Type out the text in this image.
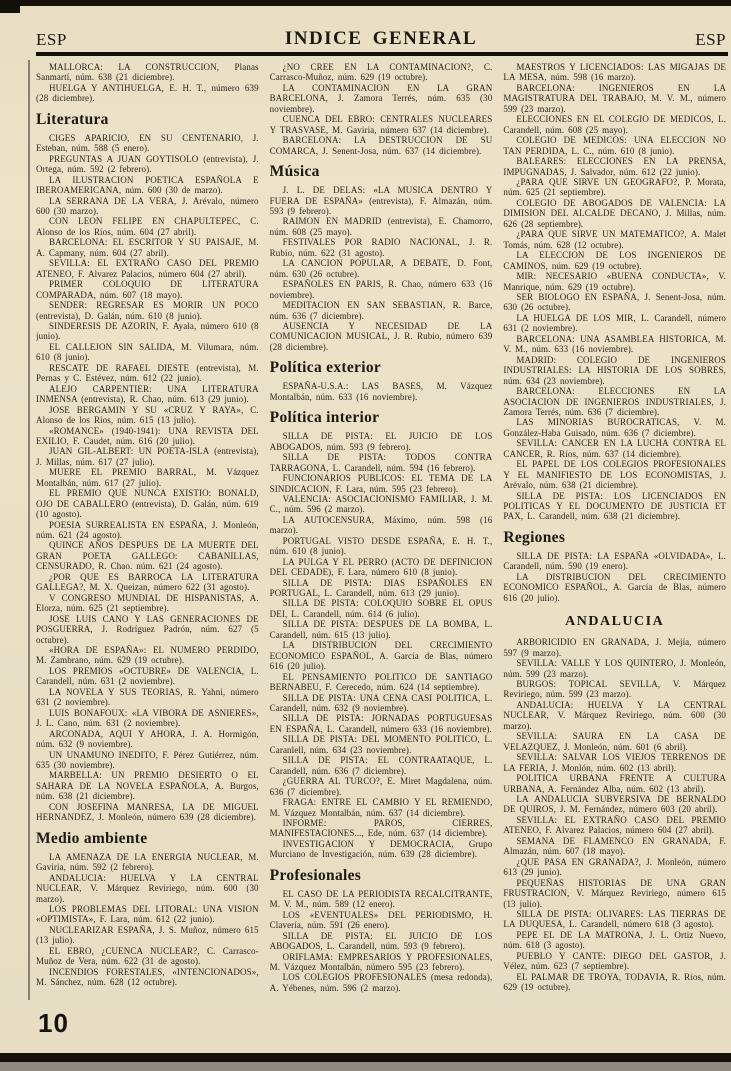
ESP	INDICE GENERAL	ESP

MALLORCA: LA CONSTRUCCION, Planas Sanmartí, núm. 638 (21 diciembre).

HUELGA Y ANTIHUELGA, E. H. T., número 639 (28 diciembre).

Literatura

CIGES APARICIO, EN SU CENTENARIO, J. Esteban, núm. 588 (5 enero).

PREGUNTAS A JUAN GOYTISOLO (entrevista), J. Ortega, núm. 592 (2 febrero).

LA ILUSTRACION POETICA ESPAÑOLA E IBEROAMERICANA, núm. 600 (30 de marzo).

LA SERRANA DE LA VERA, J. Arévalo, número 600 (30 marzo).

CON LEON FELIPE EN CHAPULTEPEC, C. Alonso de los Ríos, núm. 604 (27 abril).

BARCELONA: EL ESCRITOR Y SU PAISAJE, M. A. Capmany, núm. 604 (27 abril).

SEVILLA: EL EXTRAÑO CASO DEL PREMIO ATENEO, F. Alvarez Palacios, número 604 (27 abril).

PRIMER COLOQUIO DE LITERATURA COMPARADA, núm. 607 (18 mayo).

SENDER: REGRESAR ES MORIR UN POCO (entrevista), D. Galán, núm. 610 (8 junio).

SINDERESIS DE AZORIN, F. Ayala, número 610 (8 junio).

EL CALLEJON SIN SALIDA, M. Vilumara, núm. 610 (8 junio).

RESCATE DE RAFAEL DIESTE (entrevista), M. Pernas y C. Estévez, núm. 612 (22 junio).

ALEJO CARPENTIER: UNA LITERATURA INMENSA (entrevista), R. Chao, núm. 613 (29 junio).

JOSE BERGAMIN Y SU «CRUZ Y RAYA», C. Alonso de los Ríos, núm. 615 (13 julio).

«ROMANCE» (1940-1941): UNA REVISTA DEL EXILIO, F. Caudet, núm. 616 (20 julio).

JUAN GIL-ALBERT: UN POETA-ISLA (entrevista), J. Millas, núm. 617 (27 julio).

MUERE EL PREMIO BARRAL, M. Vázquez Montalbán, núm. 617 (27 julio).

EL PREMIO QUE NUNCA EXISTIO: BONALD, OJO DE CABALLERO (entrevista), D. Galán, núm. 619 (10 agosto).

POESIA SURREALISTA EN ESPAÑA, J. Monleón, núm. 621 (24 agosto).

QUINCE AÑOS DESPUES DE LA MUERTE DEL GRAN POETA GALLEGO: CABANILLAS, CENSURADO, R. Chao. núm. 621 (24 agosto).

¿POR QUE ES BARROCA LA LITERATURA GALLEGA?, M. X. Queizan, número 622 (31 agosto).

V CONGRESO MUNDIAL DE HISPANISTAS, A. Elorza, núm. 625 (21 septiembre).

JOSE LUIS CANO Y LAS GENERACIONES DE POSGUERRA, J. Rodríguez Padrón, núm. 627 (5 octubre).

«HORA DE ESPAÑA»: EL NUMERO PERDIDO, M. Zambrano, núm. 629 (19 octubre).

LOS PREMIOS «OCTUBRE» DE VALENCIA, L. Carandell, núm. 631 (2 noviembre).

LA NOVELA Y SUS TEORIAS, R. Yahni, número 631 (2 noviembre).

LUIS BONAFOUX: «LA VIBORA DE ASNIERES», J. L. Cano, núm. 631 (2 noviembre).

ARCONADA, AQUI Y AHORA, J. A. Hormigón, núm. 632 (9 noviembre).

UN UNAMUNO INEDITO, F. Pérez Gutiérrez, núm. 635 (30 noviembre).

MARBELLA: UN PREMIO DESIERTO O EL SAHARA DE LA NOVELA ESPAÑOLA, A. Burgos, núm. 638 (21 diciembre).

CON JOSEFINA MANRESA, LA DE MIGUEL HERNANDEZ, J. Monleón, número 639 (28 diciembre).

Medio ambiente

LA AMENAZA DE LA ENERGIA NUCLEAR, M. Gaviria, núm. 592 (2 febrero).

ANDALUCIA: HUELVA Y LA CENTRAL NUCLEAR, V. Márquez Reviriego, núm. 600 (30 marzo).

LOS PROBLEMAS DEL LITORAL: UNA VISION «OPTIMISTA», F. Lara, núm. 612 (22 junio).

NUCLEARIZAR ESPAÑA, J. S. Muñoz, número 615 (13 julio).

EL EBRO, ¿CUENCA NUCLEAR?, C. Carrasco-Muñoz de Vera, núm. 622 (31 de agosto).

INCENDIOS FORESTALES, «INTENCIONADOS», M. Sánchez, núm. 628 (12 octubre).

¿NO CREE EN LA CONTAMINACION?, C. Carrasco-Muñoz, núm. 629 (19 octubre).

LA CONTAMINACION EN LA GRAN BARCELONA, J. Zamora Terrés, núm. 635 (30 noviembre).

CUENCA DEL EBRO: CENTRALES NUCLEARES Y TRASVASE, M. Gaviria, número 637 (14 diciembre).

BARCELONA: LA DESTRUCCION DE SU COMARCA, J. Senent-Josa, núm. 637 (14 diciembre).

Música

J. L. DE DELAS: «LA MUSICA DENTRO Y FUERA DE ESPAÑA» (entrevista), F. Almazán, núm. 593 (9 febrero).

RAIMON EN MADRID (entrevista), E. Chamorro, núm. 608 (25 mayo).

FESTIVALES POR RADIO NACIONAL, J. R. Rubio, núm. 622 (31 agosto).

LA CANCION POPULAR, A DEBATE, D. Font, núm. 630 (26 octubre).

ESPAÑOLES EN PARIS, R. Chao, número 633 (16 noviembre).

MEDITACION EN SAN SEBASTIAN, R. Barce, núm. 636 (7 diciembre).

AUSENCIA Y NECESIDAD DE LA COMUNICACION MUSICAL, J. R. Rubio, número 639 (28 diciembre).

Política exterior

ESPAÑA-U.S.A.: LAS BASES, M. Vázquez Montalbán, núm. 633 (16 noviembre).

Política interior

SILLA DE PISTA: EL JUICIO DE LOS ABOGADOS, núm. 593 (9 febrero).

SILLA DE PISTA: TODOS CONTRA TARRAGONA, L. Carandell, núm. 594 (16 febrero).

FUNCIONARIOS PUBLICOS: EL TEMA DE LA SINDICACION, F. Lara, núm. 595 (23 febrero).

VALENCIA: ASOCIACIONISMO FAMILIAR, J. M. C., núm. 596 (2 marzo).

LA AUTOCENSURA, Máximo, núm. 598 (16 marzo).

PORTUGAL VISTO DESDE ESPAÑA, E. H. T., núm. 610 (8 junio).

LA PULGA Y EL PERRO (ACTO DE DEFINICION DEL CEDADE), F. Lara, número 610 (8 junio).

SILLA DE PISTA: DIAS ESPAÑOLES EN PORTUGAL, L. Carandell, núm. 613 (29 junio).

SILLA DE PISTA: COLOQUIO SOBRE EL OPUS DEI, L. Carandell, núm. 614 (6 julio).

SILLA DE PISTA: DESPUES DE LA BOMBA, L. Carandell, núm. 615 (13 julio).

LA DISTRIBUCION DEL CRECIMIENTO ECONOMICO ESPAÑOL, A. García de Blas, número 616 (20 julio).

EL PENSAMIENTO POLITICO DE SANTIAGO BERNABEU, F. Cerecedo, núm. 624 (14 septiembre).

SILLA DE PISTA: UNA CENA CASI POLITICA, L. Carandell, núm. 632 (9 noviembre).

SILLA DE PISTA: JORNADAS PORTUGUESAS EN ESPAÑA, L. Carandell, número 633 (16 noviembre).

SILLA DE PISTA: DEL MOMENTO POLITICO, L. Caranlell, núm. 634 (23 noviembre).

SILLA DE PISTA: EL CONTRAATAQUE, L. Carandell, núm. 636 (7 diciembre).

¿GUERRA AL TURCO?, E. Miret Magdalena, núm. 636 (7 diciembre).

FRAGA: ENTRE EL CAMBIO Y EL REMIENDO, M. Vázquez Montalbán, núm. 637 (14 diciembre).

INFORME: PAROS, CIERRES, MANIFESTACIONES..., Ede, núm. 637 (14 diciembre).

INVESTIGACION Y DEMOCRACIA, Grupo Murciano de Investigación, núm. 639 (28 diciembre).

Profesionales

EL CASO DE LA PERIODISTA RECALCITRANTE, M. V. M., núm. 589 (12 enero).

LOS «EVENTUALES» DEL PERIODISMO, H. Clavería, núm. 591 (26 enero).

SILLA DE PISTA: EL JUICIO DE LOS ABOGADOS, L. Carandell, núm. 593 (9 febrero).

ORIFLAMA: EMPRESARIOS Y PROFESIONALES, M. Vázquez Montalbán, número 595 (23 febrero).

LOS COLEGIOS PROFESIONALES (mesa redonda), A. Yébenes, núm. 596 (2 marzo).

MAESTROS Y LICENCIADOS: LAS MIGAJAS DE LA MESA, núm. 598 (16 marzo).

BARCELONA: INGENIEROS EN LA MAGISTRATURA DEL TRABAJO, M. V. M., número 599 (23 marzo).

ELECCIONES EN EL COLEGIO DE MEDICOS, L. Carandell, núm. 608 (25 mayo).

COLEGIO DE MEDICOS: UNA ELECCION NO TAN PERDIDA, L. C., núm. 610 (8 junio).

BALEARES: ELECCIONES EN LA PRENSA, IMPUGNADAS, J. Salvador, núm. 612 (22 junio).

¿PARA QUE SIRVE UN GEOGRAFO?, P. Morata, núm. 625 (21 septiembre).

COLEGIO DE ABOGADOS DE VALENCIA: LA DIMISION DEL ALCALDE DECANO, J. Millas, núm. 626 (28 septiembre).

¿PARA QUE SIRVE UN MATEMATICO?, A. Malet Tomás, núm. 628 (12 octubre).

LA ELECCION DE LOS INGENIEROS DE CAMINOS, núm. 629 (19 octubre).

MIR: NECESARIO «BUENA CONDUCTA», V. Manrique, núm. 629 (19 octubre).

SER BIOLOGO EN ESPAÑA, J. Senent-Josa, núm. 630 (26 octubre).

LA HUELGA DE LOS MIR, L. Carandell, número 631 (2 noviembre).

BARCELONA: UNA ASAMBLEA HISTORICA, M. V. M., núm. 633 (16 noviembre).

MADRID: COLEGIO DE INGENIEROS INDUSTRIALES: LA HISTORIA DE LOS SOBRES, núm. 634 (23 noviembre).

BARCELONA: ELECCIONES EN LA ASOCIACION DE INGENIEROS INDUSTRIALES, J. Zamora Terrés, núm. 636 (7 diciembre).

LAS MINORIAS BUROCRATICAS, V. M. González-Haba Guisado, núm. 636 (7 diciembre).

SEVILLA: CANCER EN LA LUCHA CONTRA EL CANCER, R. Ríos, núm. 637 (14 diciembre).

EL PAPEL DE LOS COLEGIOS PROFESIONALES Y EL MANIFIESTO DE LOS ECONOMISTAS, J. Arévalo, núm. 638 (21 diciembre).

SILLA DE PISTA: LOS LICENCIADOS EN POLITICAS Y EL DOCUMENTO DE JUSTICIA ET PAX, L. Carandell, núm. 638 (21 diciembre).

Regiones

SILLA DE PISTA: LA ESPAÑA «OLVIDADA», L. Carandell, núm. 590 (19 enero).

LA DISTRIBUCION DEL CRECIMIENTO ECONOMICO ESPAÑOL, A. García de Blas, número 616 (20 julio).

ANDALUCIA

ARBORICIDIO EN GRANADA, J. Mejía, número 597 (9 marzo).

SEVILLA: VALLE Y LOS QUINTERO, J. Monleón, núm. 599 (23 marzo).

BURGOS: TOPICAL SEVILLA, V. Márquez Reviriego, núm. 599 (23 marzo).

ANDALUCIA: HUELVA Y LA CENTRAL NUCLEAR, V. Márquez Reviriego, núm. 600 (30 marzo).

SEVILLA: SAURA EN LA CASA DE VELAZQUEZ, J. Monleón, núm. 601 (6 abril).

SEVILLA: SALVAR LOS VIEJOS TERRENOS DE LA FERIA, J. Monlón, núm. 602 (13 abril).

POLITICA URBANA FRENTE A CULTURA URBANA, A. Fernández Alba, núm. 602 (13 abril).

LA ANDALUCIA SUBVERSIVA DE BERNALDO DE QUIROS, J. M. Fernández, número 603 (20 abril).

SEVILLA: EL EXTRAÑO CASO DEL PREMIO ATENEO, F. Alvarez Palacios, número 604 (27 abril).

SEMANA DE FLAMENCO EN GRANADA, F. Almazán, núm. 607 (18 mayo).

¿QUE PASA EN GRANADA?, J. Monleón, número 613 (29 junio).

PEQUEÑAS HISTORIAS DE UNA GRAN FRUSTRACION, V. Márquez Reviriego, número 615 (13 julio).

SILLA DE PISTA: OLIVARES: LAS TIERRAS DE LA DUQUESA, L. Carandell, número 618 (3 agosto).

PEPE EL DE LA MATRONA, J. L. Ortiz Nuevo, núm. 618 (3 agosto).

PUEBLO Y CANTE: DIEGO DEL GASTOR, J. Vélez, núm. 623 (7 septiembre).

EL PALMAR DE TROYA, TODAVIA, R. Ríos, núm. 629 (19 octubre).

10
